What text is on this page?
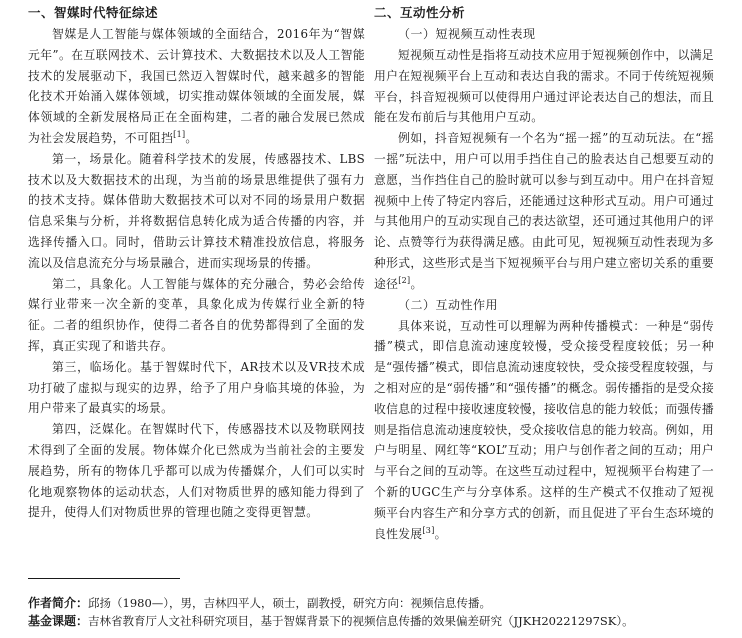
一、智媒时代特征综述

智媒是人工智能与媒体领域的全面结合，2016年为“智媒元年”。在互联网技术、云计算技术、大数据技术以及人工智能技术的发展驱动下，我国已然迈入智媒时代，越来越多的智能化技术开始涌入媒体领域，切实推动媒体领域的全面发展，媒体领域的全新发展格局正在全面构建，二者的融合发展已然成为社会发展趋势，不可阻挡[1]。

第一，场景化。随着科学技术的发展，传感器技术、LBS技术以及大数据技术的出现，为当前的场景思维提供了强有力的技术支持。媒体借助大数据技术可以对不同的场景用户数据信息采集与分析，并将数据信息转化成为适合传播的内容，并选择传播入口。同时，借助云计算技术精准投放信息，将服务流以及信息流充分与场景融合，进而实现场景的传播。

第二，具象化。人工智能与媒体的充分融合，势必会给传媒行业带来一次全新的变革，具象化成为传媒行业全新的特征。二者的组织协作，使得二者各自的优势都得到了全面的发挥，真正实现了和谐共存。

第三，临场化。基于智媒时代下，AR技术以及VR技术成功打破了虚拟与现实的边界，给予了用户身临其境的体验，为用户带来了最真实的场景。

第四，泛媒化。在智媒时代下，传感器技术以及物联网技术得到了全面的发展。物体媒介化已然成为当前社会的主要发展趋势，所有的物体几乎都可以成为传播媒介，人们可以实时化地观察物体的运动状态，人们对物质世界的感知能力得到了提升，使得人们对物质世界的管理也随之变得更智慧。

二、互动性分析
（一）短视频互动性表现

短视频互动性是指将互动技术应用于短视频创作中，以满足用户在短视频平台上互动和表达自我的需求。不同于传统短视频平台，抖音短视频可以使得用户通过评论表达自己的想法，而且能在发布前后与其他用户互动。

例如，抖音短视频有一个名为“摇一摇”的互动玩法。在“摇一摇”玩法中，用户可以用手挡住自己的脸表达自己想要互动的意愿，当作挡住自己的脸时就可以参与到互动中。用户在抖音短视频中上传了特定内容后，还能通过这种形式互动。用户可通过与其他用户的互动实现自己的表达欲望，还可通过其他用户的评论、点赞等行为获得满足感。由此可见，短视频互动性表现为多种形式，这些形式是当下短视频平台与用户建立密切关系的重要途径[2]。

（二）互动性作用

具体来说，互动性可以理解为两种传播模式：一种是“弱传播”模式，即信息流动速度较慢，受众接受程度较低；另一种是“强传播”模式，即信息流动速度较快，受众接受程度较强，与之相对应的是“弱传播”和“强传播”的概念。弱传播指的是受众接收信息的过程中接收速度较慢，接收信息的能力较低；而强传播则是指信息流动速度较快，受众接收信息的能力较高。例如，用户与明星、网红等“KOL”互动；用户与创作者之间的互动；用户与平台之间的互动等。在这些互动过程中，短视频平台构建了一个新的UGC生产与分享体系。这样的生产模式不仅推动了短视频平台内容生产和分享方式的创新，而且促进了平台生态环境的良性发展[3]。

作者简介：邱扬（1980—），男，吉林四平人，硕士，副教授，研究方向：视频信息传播。
基金课题：吉林省教育厅人文社科研究项目，基于智媒背景下的视频信息传播的效果偏差研究（JJKH20221297SK）。
